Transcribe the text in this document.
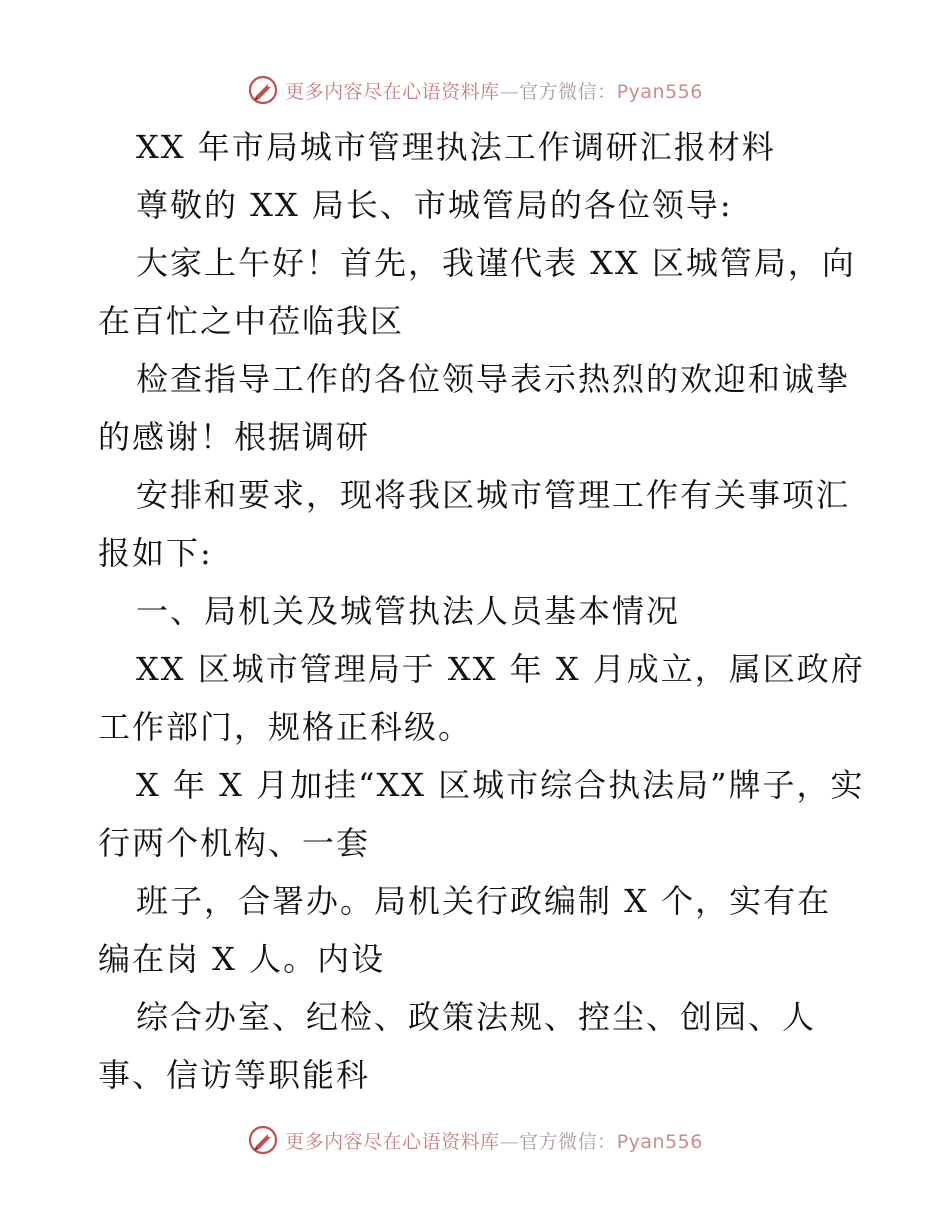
更多内容尽在心语资料库—官方微信：Pyan556
XX 年市局城市管理执法工作调研汇报材料
尊敬的 XX 局长、市城管局的各位领导:
大家上午好！首先，我谨代表 XX 区城管局，向
在百忙之中莅临我区
检查指导工作的各位领导表示热烈的欢迎和诚挚
的感谢！根据调研
安排和要求，现将我区城市管理工作有关事项汇
报如下:
一、局机关及城管执法人员基本情况
XX 区城市管理局于 XX 年 X 月成立，属区政府
工作部门，规格正科级。
X 年 X 月加挂“XX 区城市综合执法局”牌子，实
行两个机构、一套
班子，合署办。局机关行政编制 X 个，实有在
编在岗 X 人。内设
综合办室、纪检、政策法规、控尘、创园、人
事、信访等职能科
更多内容尽在心语资料库—官方微信：Pyan556
